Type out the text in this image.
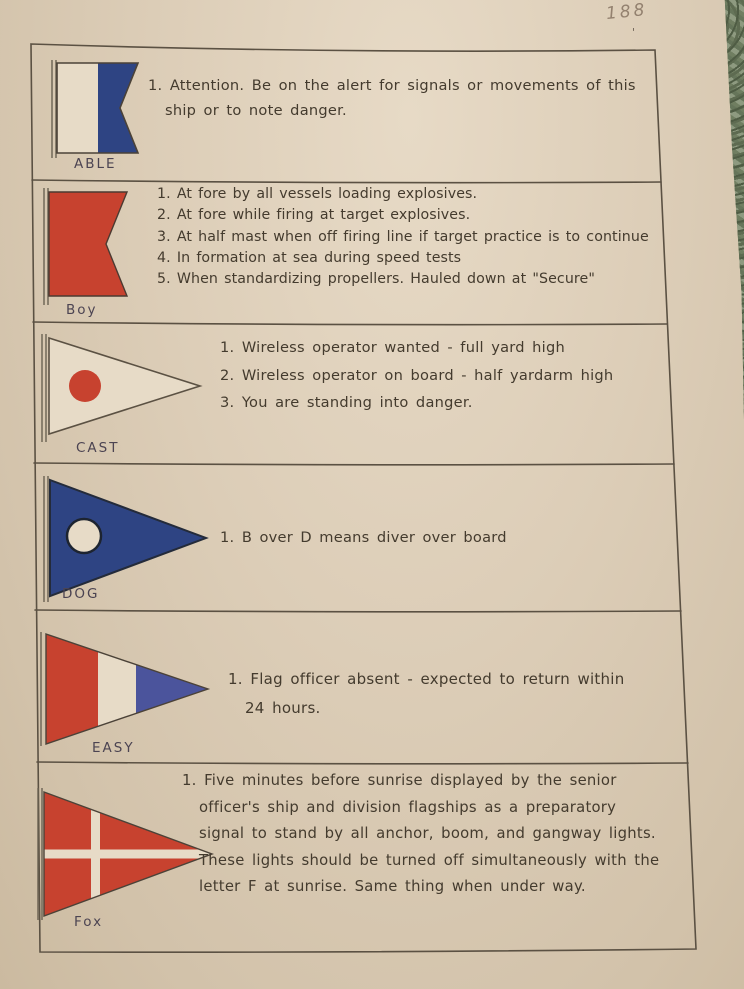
188
'
ABLE
1. Attention. Be on the alert for signals or movements of this ship or to note danger.
Boy
1. At fore by all vessels loading explosives.
2. At fore while firing at target explosives.
3. At half mast when off firing line if target practice is to continue
4. In formation at sea during speed tests
5. When standardizing propellers. Hauled down at "Secure"
CAST
1. Wireless operator wanted - full yard high
2. Wireless operator on board - half yardarm high
3. You are standing into danger.
DOG
1. B over D means diver over board
EASY
1. Flag officer absent - expected to return within 24 hours.
Fox
1. Five minutes before sunrise displayed by the senior officer's ship and division flagships as a preparatory signal to stand by all anchor, boom, and gangway lights. These lights should be turned off simultaneously with the letter F at sunrise. Same thing when under way.
